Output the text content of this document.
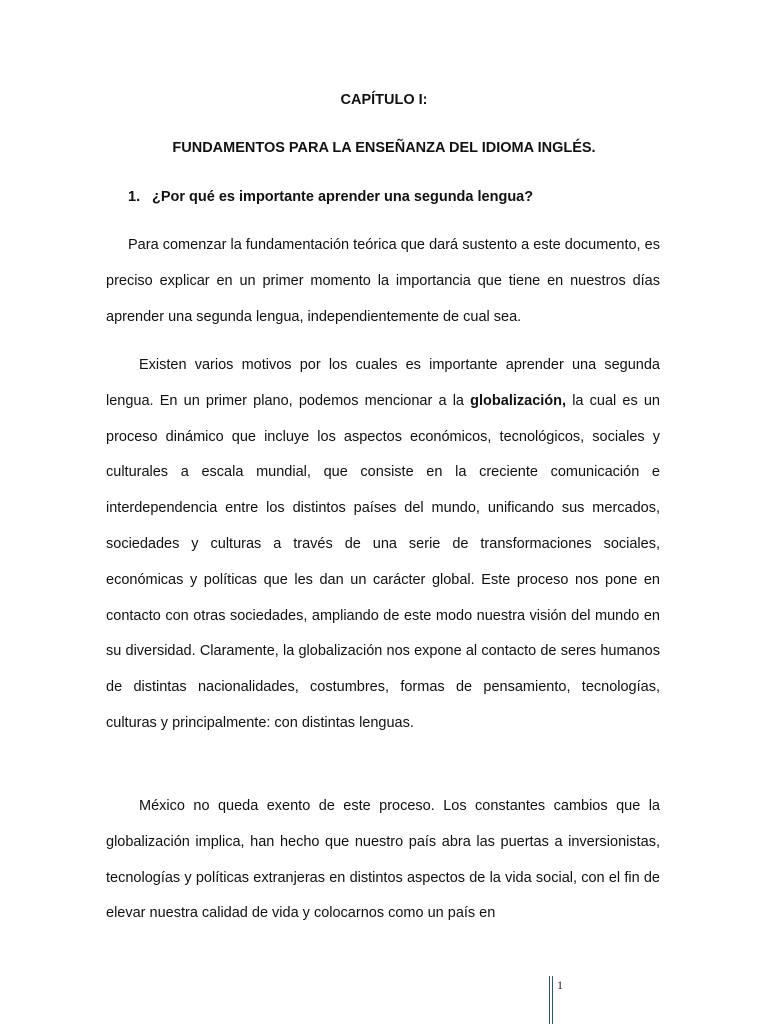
CAPÍTULO I:
FUNDAMENTOS PARA LA ENSEÑANZA DEL IDIOMA INGLÉS.
1. ¿Por qué es importante aprender una segunda lengua?

Para comenzar la fundamentación teórica que dará sustento a este documento, es preciso explicar en un primer momento la importancia que tiene en nuestros días aprender una segunda lengua, independientemente de cual sea.

Existen varios motivos por los cuales es importante aprender una segunda lengua. En un primer plano, podemos mencionar a la globalización, la cual es un proceso dinámico que incluye los aspectos económicos, tecnológicos, sociales y culturales a escala mundial, que consiste en la creciente comunicación e interdependencia entre los distintos países del mundo, unificando sus mercados, sociedades y culturas a través de una serie de transformaciones sociales, económicas y políticas que les dan un carácter global. Este proceso nos pone en contacto con otras sociedades, ampliando de este modo nuestra visión del mundo en su diversidad. Claramente, la globalización nos expone al contacto de seres humanos de distintas nacionalidades, costumbres, formas de pensamiento, tecnologías, culturas y principalmente: con distintas lenguas.

México no queda exento de este proceso. Los constantes cambios que la globalización implica, han hecho que nuestro país abra las puertas a inversionistas, tecnologías y políticas extranjeras en distintos aspectos de la vida social, con el fin de elevar nuestra calidad de vida y colocarnos como un país en

1
